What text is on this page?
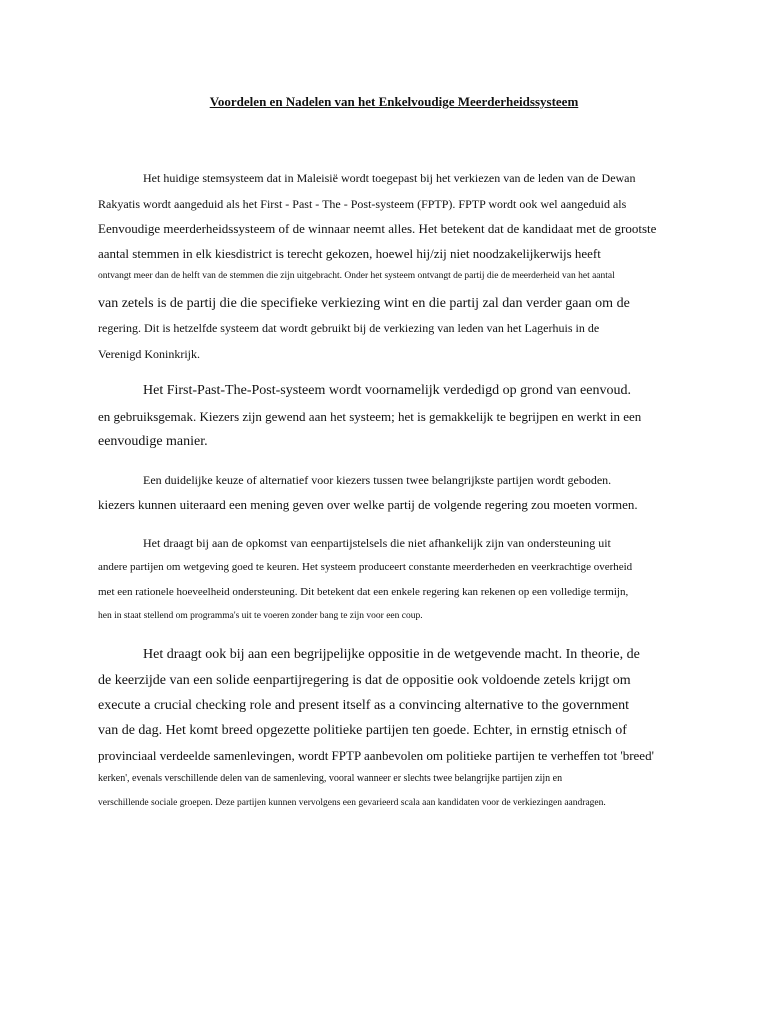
Voordelen en Nadelen van het Enkelvoudige Meerderheidssysteem
Het huidige stemsysteem dat in Maleisië wordt toegepast bij het verkiezen van de leden van de Dewan
Rakyatis wordt aangeduid als het First - Past - The - Post-systeem (FPTP). FPTP wordt ook wel aangeduid als
Eenvoudige meerderheidssysteem of de winnaar neemt alles. Het betekent dat de kandidaat met de grootste
aantal stemmen in elk kiesdistrict is terecht gekozen, hoewel hij/zij niet noodzakelijkerwijs heeft
ontvangt meer dan de helft van de stemmen die zijn uitgebracht. Onder het systeem ontvangt de partij die de meerderheid van het aantal
van zetels is de partij die die specifieke verkiezing wint en die partij zal dan verder gaan om de
regering. Dit is hetzelfde systeem dat wordt gebruikt bij de verkiezing van leden van het Lagerhuis in de
Verenigd Koninkrijk.
Het First-Past-The-Post-systeem wordt voornamelijk verdedigd op grond van eenvoud.
en gebruiksgemak. Kiezers zijn gewend aan het systeem; het is gemakkelijk te begrijpen en werkt in een
eenvoudige manier.
Een duidelijke keuze of alternatief voor kiezers tussen twee belangrijkste partijen wordt geboden.
kiezers kunnen uiteraard een mening geven over welke partij de volgende regering zou moeten vormen.
Het draagt bij aan de opkomst van eenpartijstelsels die niet afhankelijk zijn van ondersteuning uit
andere partijen om wetgeving goed te keuren. Het systeem produceert constante meerderheden en veerkrachtige overheid
met een rationele hoeveelheid ondersteuning. Dit betekent dat een enkele regering kan rekenen op een volledige termijn,
hen in staat stellend om programma's uit te voeren zonder bang te zijn voor een coup.
Het draagt ook bij aan een begrijpelijke oppositie in de wetgevende macht. In theorie, de
de keerzijde van een solide eenpartijregering is dat de oppositie ook voldoende zetels krijgt om
execute a crucial checking role and present itself as a convincing alternative to the government
van de dag. Het komt breed opgezette politieke partijen ten goede. Echter, in ernstig etnisch of
provinciaal verdeelde samenlevingen, wordt FPTP aanbevolen om politieke partijen te verheffen tot 'breed'
kerken', evenals verschillende delen van de samenleving, vooral wanneer er slechts twee belangrijke partijen zijn en
verschillende sociale groepen. Deze partijen kunnen vervolgens een gevarieerd scala aan kandidaten voor de verkiezingen aandragen.
